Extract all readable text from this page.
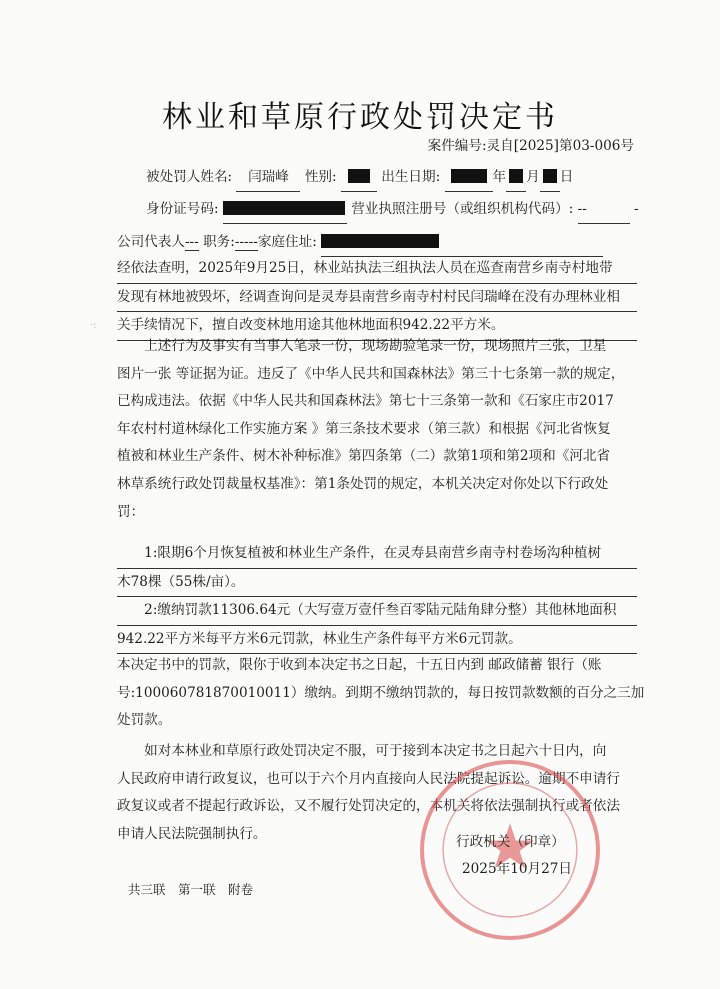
林业和草原行政处罚决定书
案件编号:灵自[2025]第03-006号
被处罚人姓名: 闫瑞峰 性别:	出生日期:	年 月 日
身份证号码:	营业执照注册号（或组织机构代码）: --	-
公司代表人--- 职务:-----家庭住址:
经依法查明，2025年9月25日，林业站执法三组执法人员在巡查南营乡南寺村地带
发现有林地被毁坏，经调查询问是灵寿县南营乡南寺村村民闫瑞峰在没有办理林业相
关手续情况下，擅自改变林地用途其他林地面积942.22平方米。
·:
　　上述行为及事实有当事人笔录一份，现场勘验笔录一份，现场照片三张，卫星
图片一张 等证据为证。违反了《中华人民共和国森林法》第三十七条第一款的规定，
已构成违法。依据《中华人民共和国森林法》第七十三条第一款和《石家庄市2017
年农村村道林绿化工作实施方案 》第三条技术要求（第三款）和根据《河北省恢复
植被和林业生产条件、树木补种标准》第四条第（二）款第1项和第2项和《河北省
林草系统行政处罚裁量权基准》：第1条处罚的规定，本机关决定对你处以下行政处
罚：
　　1:限期6个月恢复植被和林业生产条件，在灵寿县南营乡南寺村卷场沟种植树
木78棵（55株/亩）。
　　2:缴纳罚款11306.64元（大写壹万壹仟叁百零陆元陆角肆分整）其他林地面积
942.22平方米每平方米6元罚款，林业生产条件每平方米6元罚款。
本决定书中的罚款，限你于收到本决定书之日起，十五日内到 邮政储蓄 银行（账
号:100060781870010011）缴纳。到期不缴纳罚款的，每日按罚款数额的百分之三加
处罚款。
　　如对本林业和草原行政处罚决定不服，可于接到本决定书之日起六十日内，向
人民政府申请行政复议，也可以于六个月内直接向人民法院提起诉讼。逾期不申请行
政复议或者不提起行政诉讼，又不履行处罚决定的，本机关将依法强制执行或者依法
申请人民法院强制执行。
行政机关（印章）
2025年10月27日
共三联　第一联　附卷
